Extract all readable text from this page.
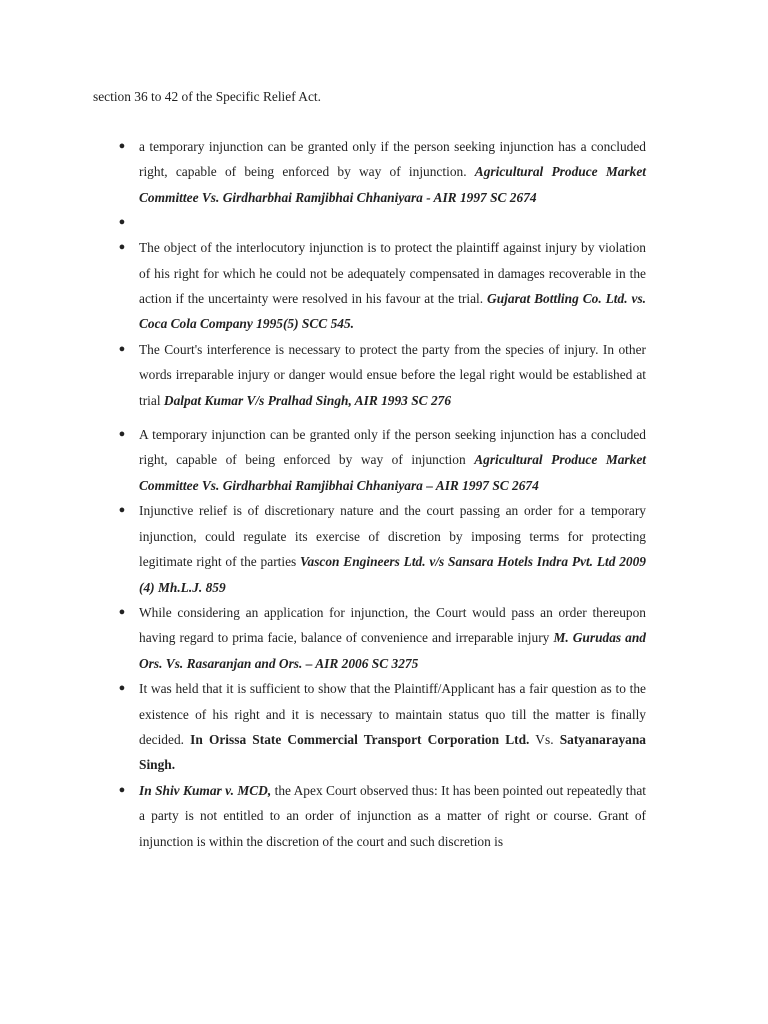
section 36 to 42 of the Specific Relief Act.

● a temporary injunction can be granted only if the person seeking injunction has a concluded right, capable of being enforced by way of injunction. Agricultural Produce Market Committee Vs. Girdharbhai Ramjibhai Chhaniyara - AIR 1997 SC 2674
●
● The object of the interlocutory injunction is to protect the plaintiff against injury by violation of his right for which he could not be adequately compensated in damages recoverable in the action if the uncertainty were resolved in his favour at the trial. Gujarat Bottling Co. Ltd. vs. Coca Cola Company 1995(5) SCC 545.
● The Court's interference is necessary to protect the party from the species of injury. In other words irreparable injury or danger would ensue before the legal right would be established at trial Dalpat Kumar V/s Pralhad Singh, AIR 1993 SC 276
● A temporary injunction can be granted only if the person seeking injunction has a concluded right, capable of being enforced by way of injunction Agricultural Produce Market Committee Vs. Girdharbhai Ramjibhai Chhaniyara – AIR 1997 SC 2674
● Injunctive relief is of discretionary nature and the court passing an order for a temporary injunction, could regulate its exercise of discretion by imposing terms for protecting legitimate right of the parties Vascon Engineers Ltd. v/s Sansara Hotels Indra Pvt. Ltd 2009 (4) Mh.L.J. 859
● While considering an application for injunction, the Court would pass an order thereupon having regard to prima facie, balance of convenience and irreparable injury M. Gurudas and Ors. Vs. Rasaranjan and Ors. – AIR 2006 SC 3275
● It was held that it is sufficient to show that the Plaintiff/Applicant has a fair question as to the existence of his right and it is necessary to maintain status quo till the matter is finally decided. In Orissa State Commercial Transport Corporation Ltd. Vs. Satyanarayana Singh.
● In Shiv Kumar v. MCD, the Apex Court observed thus: It has been pointed out repeatedly that a party is not entitled to an order of injunction as a matter of right or course. Grant of injunction is within the discretion of the court and such discretion is
